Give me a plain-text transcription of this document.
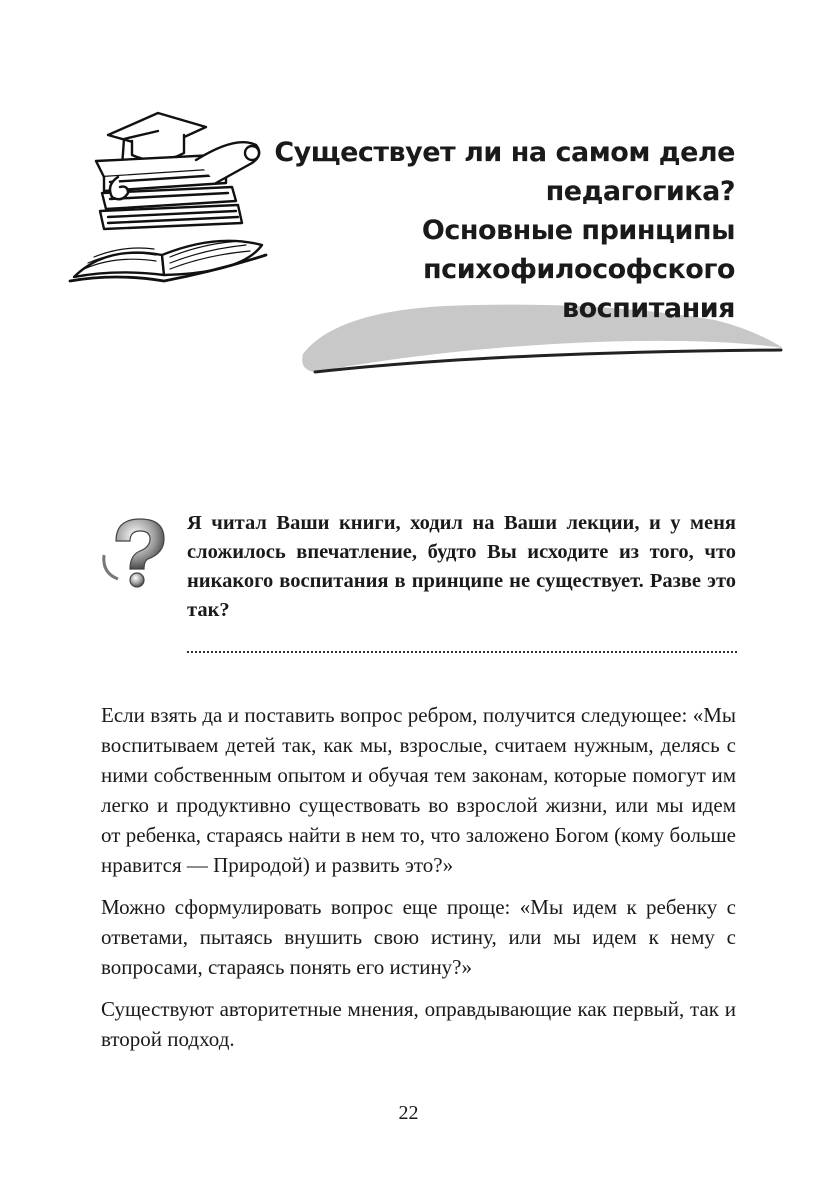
Существует ли на самом деле
педагогика?
Основные принципы
психофилософского
воспитания

Я читал Ваши книги, ходил на Ваши лекции, и у меня сложилось впечатление, будто Вы исходите из того, что никакого воспитания в принципе не существует. Разве это так?

Если взять да и поставить вопрос ребром, получится следующее: «Мы воспитываем детей так, как мы, взрослые, считаем нужным, делясь с ними собственным опытом и обучая тем законам, которые помогут им легко и продуктивно существовать во взрослой жизни, или мы идем от ребенка, стараясь найти в нем то, что заложено Богом (кому больше нравится — Природой) и развить это?»

Можно сформулировать вопрос еще проще: «Мы идем к ребенку с ответами, пытаясь внушить свою истину, или мы идем к нему с вопросами, стараясь понять его истину?»

Существуют авторитетные мнения, оправдывающие как первый, так и второй подход.

22
